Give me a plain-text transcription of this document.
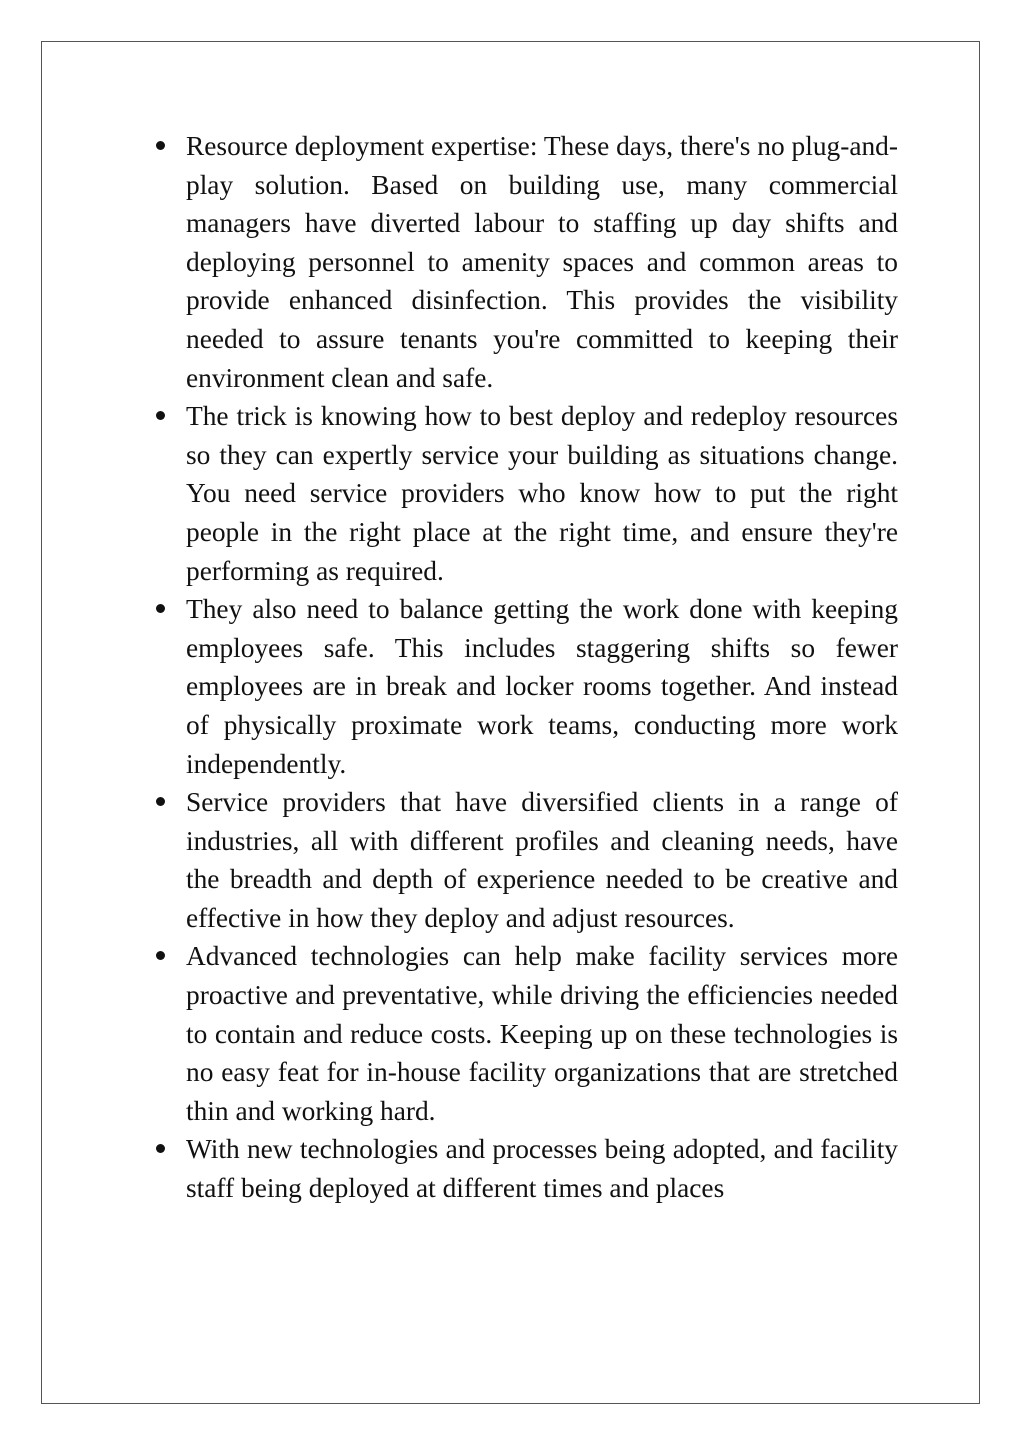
Resource deployment expertise: These days, there's no plug-and-play solution. Based on building use, many commercial managers have diverted labour to staffing up day shifts and deploying personnel to amenity spaces and common areas to provide enhanced disinfection. This provides the visibility needed to assure tenants you're committed to keeping their environment clean and safe.
The trick is knowing how to best deploy and redeploy resources so they can expertly service your building as situations change. You need service providers who know how to put the right people in the right place at the right time, and ensure they're performing as required.
They also need to balance getting the work done with keeping employees safe. This includes staggering shifts so fewer employees are in break and locker rooms together. And instead of physically proximate work teams, conducting more work independently.
Service providers that have diversified clients in a range of industries, all with different profiles and cleaning needs, have the breadth and depth of experience needed to be creative and effective in how they deploy and adjust resources.
Advanced technologies can help make facility services more proactive and preventative, while driving the efficiencies needed to contain and reduce costs. Keeping up on these technologies is no easy feat for in-house facility organizations that are stretched thin and working hard.
With new technologies and processes being adopted, and facility staff being deployed at different times and places
